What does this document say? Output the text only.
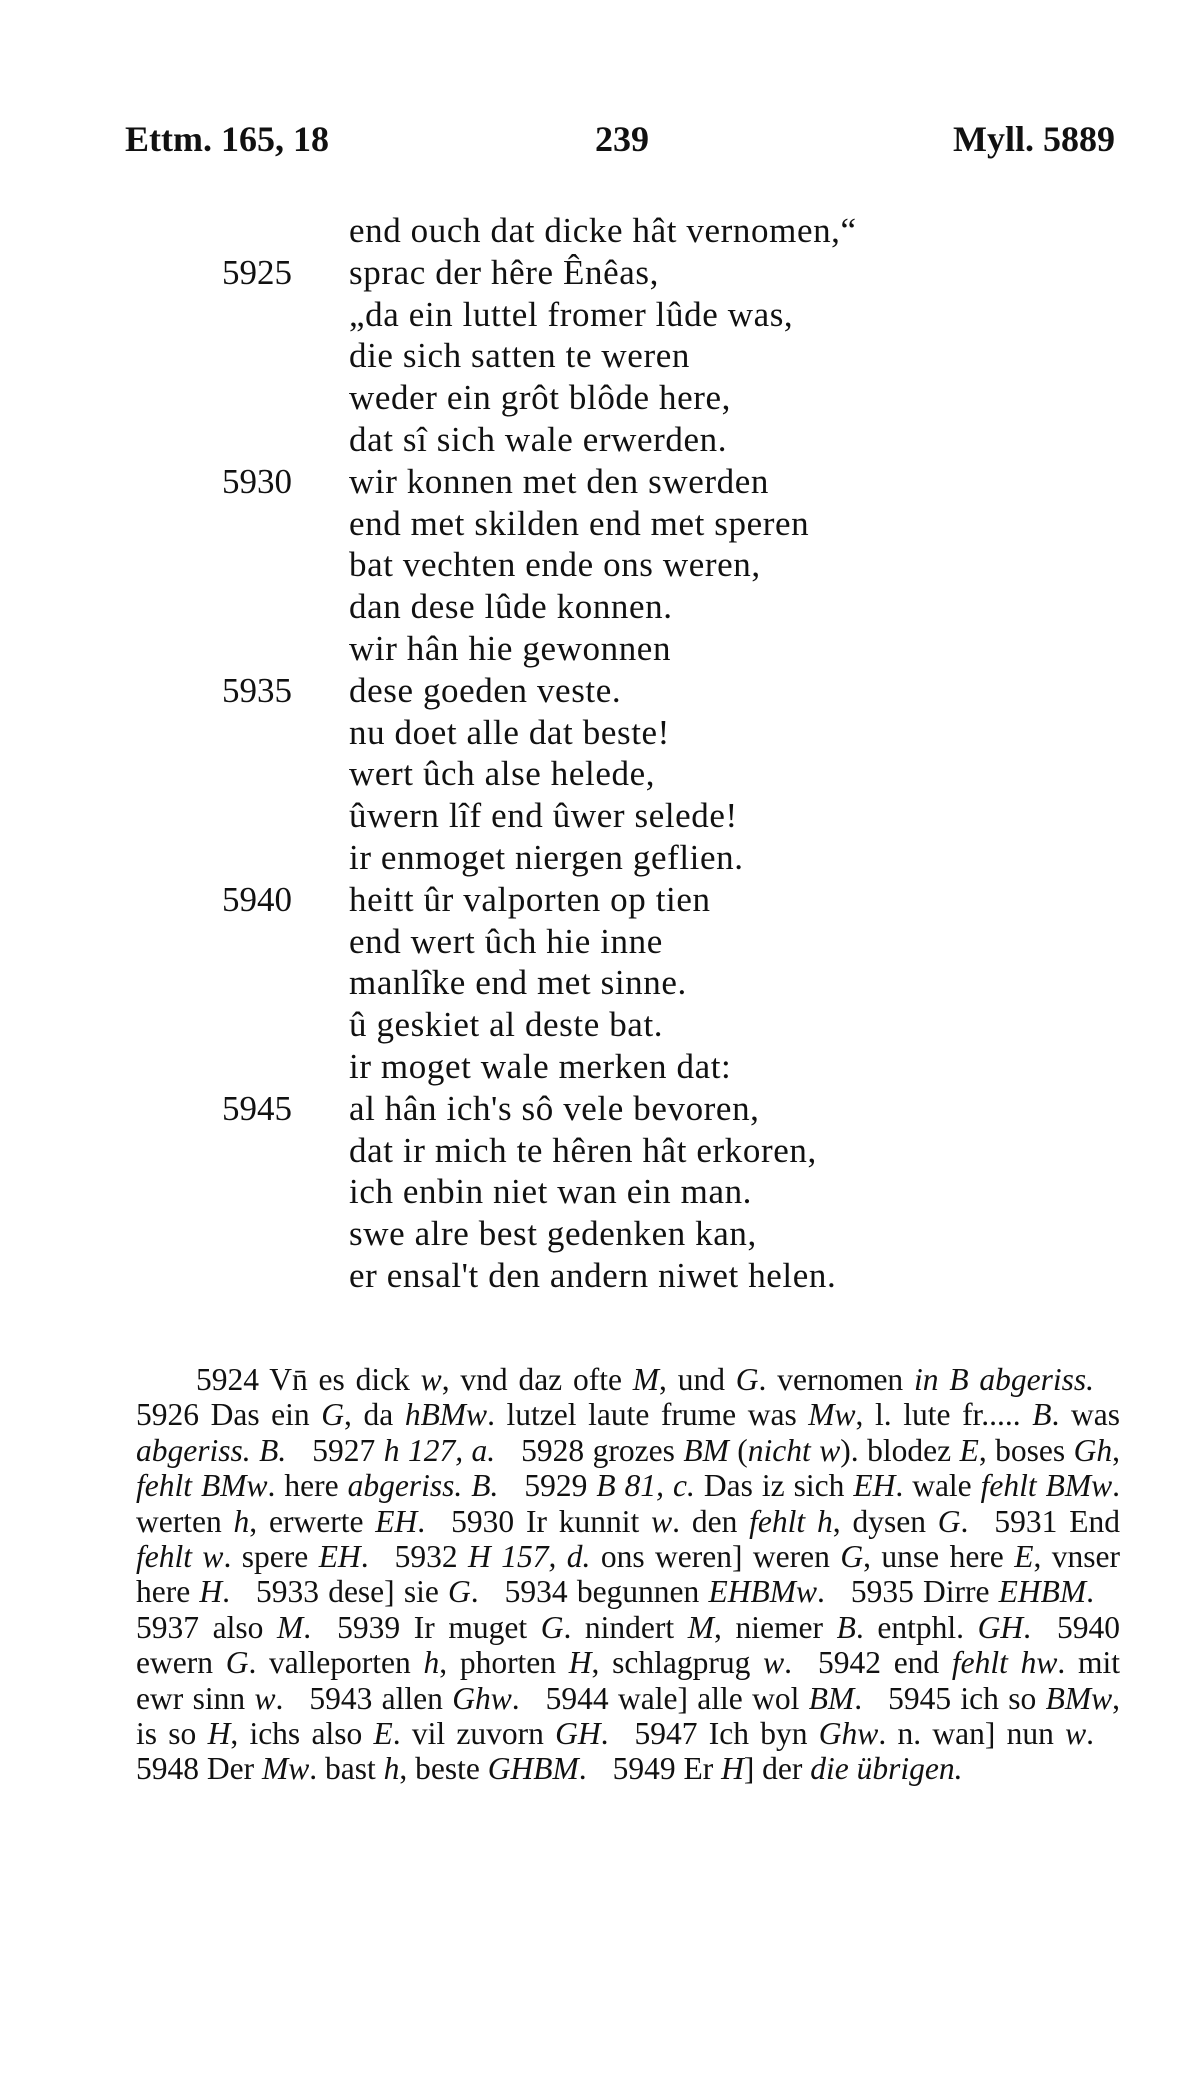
Ettm. 165, 18	239	Myll. 5889
end ouch dat dicke hât vernomen,“
5925 sprac der hêre Ênêas,
„da ein luttel fromer lûde was,
die sich satten te weren
weder ein grôt blôde here,
dat sî sich wale erwerden.
5930 wir konnen met den swerden
end met skilden end met speren
bat vechten ende ons weren,
dan dese lûde konnen.
wir hân hie gewonnen
5935 dese goeden veste.
nu doet alle dat beste!
wert ûch alse helede,
ûwern lîf end ûwer selede!
ir enmoget niergen geflien.
5940 heitt ûr valporten op tien
end wert ûch hie inne
manlîke end met sinne.
û geskiet al deste bat.
ir moget wale merken dat:
5945 al hân ich's sô vele bevoren,
dat ir mich te hêren hât erkoren,
ich enbin niet wan ein man.
swe alre best gedenken kan,
er ensal't den andern niwet helen.

5924 Vn̄ es dick w, vnd daz ofte M, und G. vernomen in B abgeriss.5926 Das ein G, da hBMw. lutzel laute frume was Mw, l. lute fr..... B. was abgeriss. B. 5927 h 127, a. 5928 grozes BM (nicht w). blodez E, boses Gh, fehlt BMw. here abgeriss. B. 5929 B 81, c. Das iz sich EH. wale fehlt BMw. werten h, erwerte EH. 5930 Ir kunnit w. den fehlt h, dysen G. 5931 End fehlt w. spere EH. 5932 H 157, d. ons weren] weren G, unse here E, vnser here H. 5933 dese] sie G. 5934 begunnen EHBMw. 5935 Dirre EHBM.5937 also M. 5939 Ir muget G. nindert M, niemer B. entphl. GH. 5940 ewern G. valleporten h, phorten H, schlagprug w. 5942 end fehlt hw. mit ewr sinn w. 5943 allen Ghw. 5944 wale] alle wol BM. 5945 ich so BMw, is so H, ichs also E. vil zuvorn GH. 5947 Ich byn Ghw. n. wan] nun w.5948 Der Mw. bast h, beste GHBM. 5949 Er H] der die übrigen.
